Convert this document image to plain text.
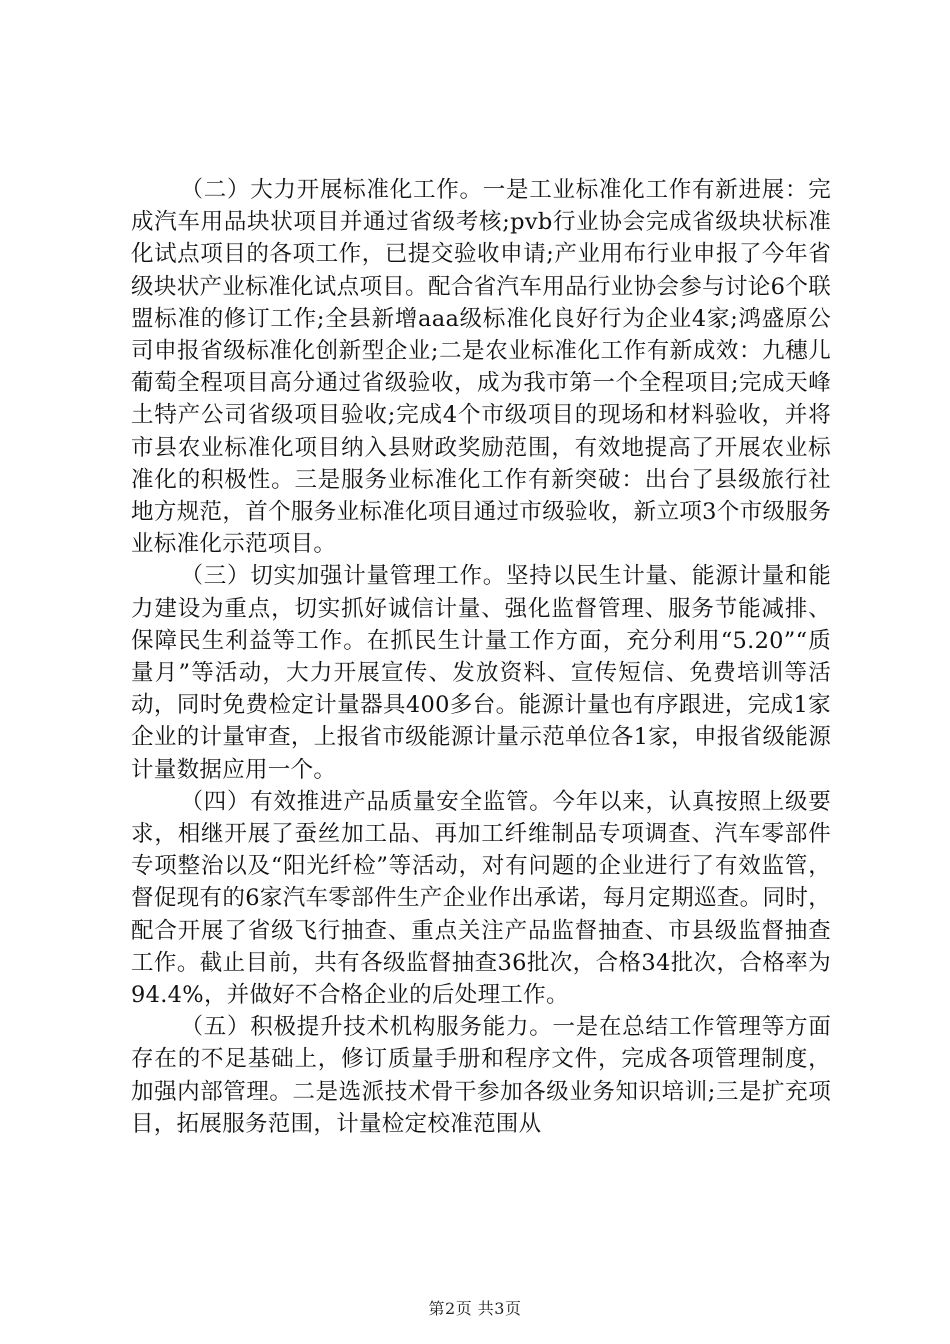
（二）大力开展标准化工作。一是工业标准化工作有新进展：完成汽车用品块状项目并通过省级考核;pvb行业协会完成省级块状标准化试点项目的各项工作，已提交验收申请;产业用布行业申报了今年省级块状产业标准化试点项目。配合省汽车用品行业协会参与讨论6个联盟标准的修订工作;全县新增aaa级标准化良好行为企业4家;鸿盛原公司申报省级标准化创新型企业;二是农业标准化工作有新成效：九穗儿葡萄全程项目高分通过省级验收，成为我市第一个全程项目;完成天峰土特产公司省级项目验收;完成4个市级项目的现场和材料验收，并将市县农业标准化项目纳入县财政奖励范围，有效地提高了开展农业标准化的积极性。三是服务业标准化工作有新突破：出台了县级旅行社地方规范，首个服务业标准化项目通过市级验收，新立项3个市级服务业标准化示范项目。

（三）切实加强计量管理工作。坚持以民生计量、能源计量和能力建设为重点，切实抓好诚信计量、强化监督管理、服务节能减排、保障民生利益等工作。在抓民生计量工作方面，充分利用“5.20”“质量月”等活动，大力开展宣传、发放资料、宣传短信、免费培训等活动，同时免费检定计量器具400多台。能源计量也有序跟进，完成1家企业的计量审查，上报省市级能源计量示范单位各1家，申报省级能源计量数据应用一个。

（四）有效推进产品质量安全监管。今年以来，认真按照上级要求，相继开展了蚕丝加工品、再加工纤维制品专项调查、汽车零部件专项整治以及“阳光纤检”等活动，对有问题的企业进行了有效监管，督促现有的6家汽车零部件生产企业作出承诺，每月定期巡查。同时，配合开展了省级飞行抽查、重点关注产品监督抽查、市县级监督抽查工作。截止目前，共有各级监督抽查36批次，合格34批次，合格率为94.4%，并做好不合格企业的后处理工作。

（五）积极提升技术机构服务能力。一是在总结工作管理等方面存在的不足基础上，修订质量手册和程序文件，完成各项管理制度，加强内部管理。二是选派技术骨干参加各级业务知识培训;三是扩充项目，拓展服务范围，计量检定校准范围从

第2页 共3页
